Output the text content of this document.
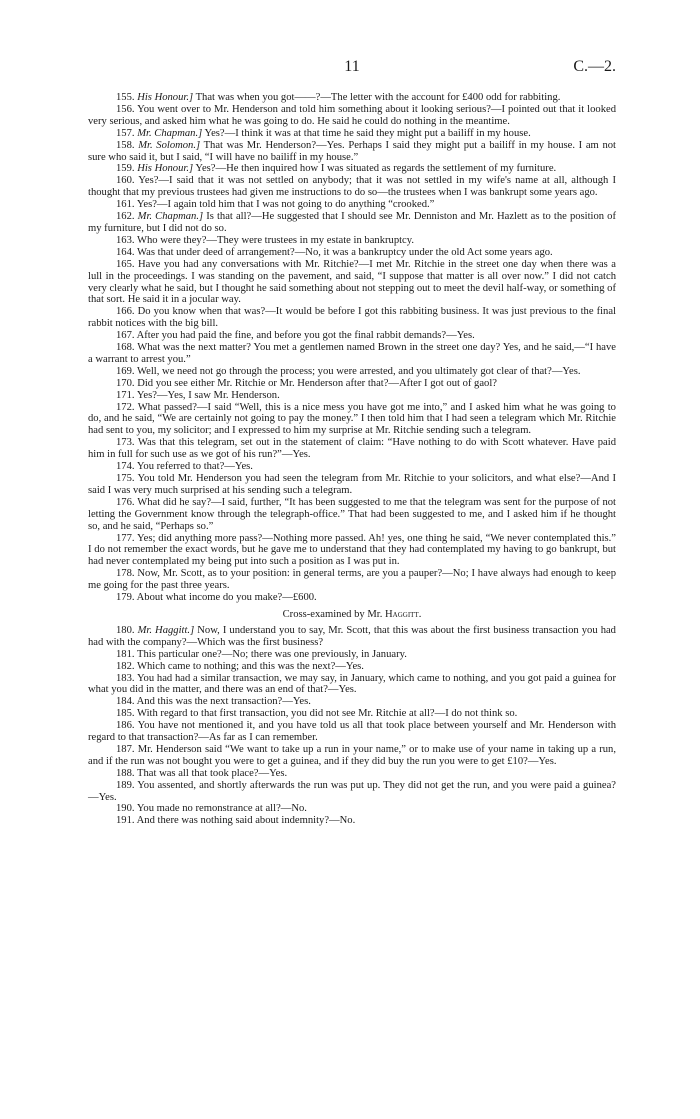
11	C.—2.

155. His Honour.] That was when you got——?—The letter with the account for £400 odd for rabbiting.

156. You went over to Mr. Henderson and told him something about it looking serious?—I pointed out that it looked very serious, and asked him what he was going to do. He said he could do nothing in the meantime.

157. Mr. Chapman.] Yes?—I think it was at that time he said they might put a bailiff in my house.

158. Mr. Solomon.] That was Mr. Henderson?—Yes. Perhaps I said they might put a bailiff in my house. I am not sure who said it, but I said, “I will have no bailiff in my house.”

159. His Honour.] Yes?—He then inquired how I was situated as regards the settlement of my furniture.

160. Yes?—I said that it was not settled on anybody; that it was not settled in my wife's name at all, although I thought that my previous trustees had given me instructions to do so—the trustees when I was bankrupt some years ago.

161. Yes?—I again told him that I was not going to do anything “crooked.”

162. Mr. Chapman.] Is that all?—He suggested that I should see Mr. Denniston and Mr. Hazlett as to the position of my furniture, but I did not do so.

163. Who were they?—They were trustees in my estate in bankruptcy.

164. Was that under deed of arrangement?—No, it was a bankruptcy under the old Act some years ago.

165. Have you had any conversations with Mr. Ritchie?—I met Mr. Ritchie in the street one day when there was a lull in the proceedings. I was standing on the pavement, and said, “I suppose that matter is all over now.” I did not catch very clearly what he said, but I thought he said something about not stepping out to meet the devil half-way, or something of that sort. He said it in a jocular way.

166. Do you know when that was?—It would be before I got this rabbiting business. It was just previous to the final rabbit notices with the big bill.

167. After you had paid the fine, and before you got the final rabbit demands?—Yes.

168. What was the next matter? You met a gentlemen named Brown in the street one day? Yes, and he said,—“I have a warrant to arrest you.”

169. Well, we need not go through the process; you were arrested, and you ultimately got clear of that?—Yes.

170. Did you see either Mr. Ritchie or Mr. Henderson after that?—After I got out of gaol?

171. Yes?—Yes, I saw Mr. Henderson.

172. What passed?—I said “Well, this is a nice mess you have got me into,” and I asked him what he was going to do, and he said, “We are certainly not going to pay the money.” I then told him that I had seen a telegram which Mr. Ritchie had sent to you, my solicitor; and I expressed to him my surprise at Mr. Ritchie sending such a telegram.

173. Was that this telegram, set out in the statement of claim: “Have nothing to do with Scott whatever. Have paid him in full for such use as we got of his run?”—Yes.

174. You referred to that?—Yes.

175. You told Mr. Henderson you had seen the telegram from Mr. Ritchie to your solicitors, and what else?—And I said I was very much surprised at his sending such a telegram.

176. What did he say?—I said, further, “It has been suggested to me that the telegram was sent for the purpose of not letting the Government know through the telegraph-office.” That had been suggested to me, and I asked him if he thought so, and he said, “Perhaps so.”

177. Yes; did anything more pass?—Nothing more passed. Ah! yes, one thing he said, “We never contemplated this.” I do not remember the exact words, but he gave me to understand that they had contemplated my having to go bankrupt, but had never contemplated my being put into such a position as I was put in.

178. Now, Mr. Scott, as to your position: in general terms, are you a pauper?—No; I have always had enough to keep me going for the past three years.

179. About what income do you make?—£600.

Cross-examined by Mr. Haggitt.

180. Mr. Haggitt.] Now, I understand you to say, Mr. Scott, that this was about the first business transaction you had had with the company?—Which was the first business?

181. This particular one?—No; there was one previously, in January.

182. Which came to nothing; and this was the next?—Yes.

183. You had had a similar transaction, we may say, in January, which came to nothing, and you got paid a guinea for what you did in the matter, and there was an end of that?—Yes.

184. And this was the next transaction?—Yes.

185. With regard to that first transaction, you did not see Mr. Ritchie at all?—I do not think so.

186. You have not mentioned it, and you have told us all that took place between yourself and Mr. Henderson with regard to that transaction?—As far as I can remember.

187. Mr. Henderson said “We want to take up a run in your name,” or to make use of your name in taking up a run, and if the run was not bought you were to get a guinea, and if they did buy the run you were to get £10?—Yes.

188. That was all that took place?—Yes.

189. You assented, and shortly afterwards the run was put up. They did not get the run, and you were paid a guinea?—Yes.

190. You made no remonstrance at all?—No.

191. And there was nothing said about indemnity?—No.
